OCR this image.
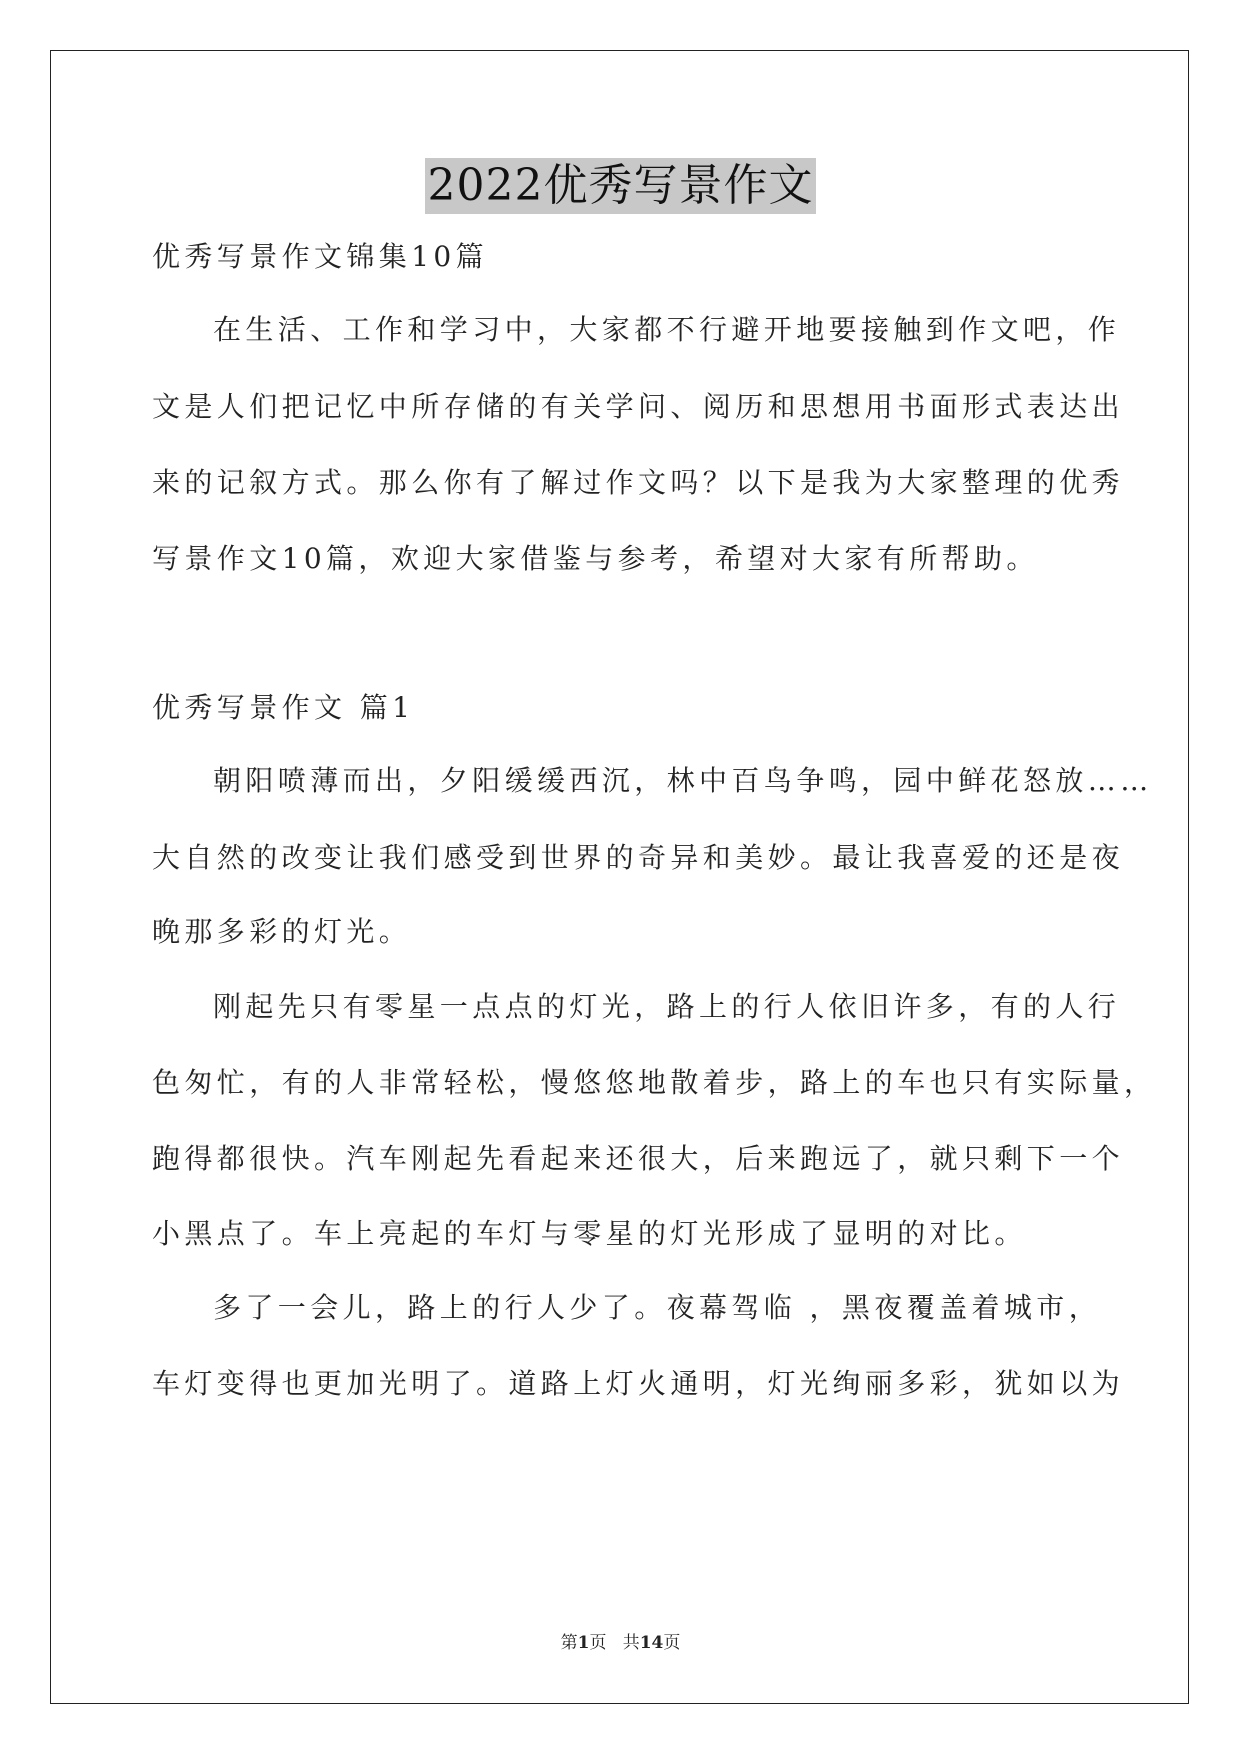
2022优秀写景作文
优秀写景作文锦集10篇
在生活、工作和学习中，大家都不行避开地要接触到作文吧，作
文是人们把记忆中所存储的有关学问、阅历和思想用书面形式表达出
来的记叙方式。那么你有了解过作文吗？以下是我为大家整理的优秀
写景作文10篇，欢迎大家借鉴与参考，希望对大家有所帮助。
优秀写景作文 篇1
朝阳喷薄而出，夕阳缓缓西沉，林中百鸟争鸣，园中鲜花怒放……
大自然的改变让我们感受到世界的奇异和美妙。最让我喜爱的还是夜
晚那多彩的灯光。
刚起先只有零星一点点的灯光，路上的行人依旧许多，有的人行
色匆忙，有的人非常轻松，慢悠悠地散着步，路上的车也只有实际量，
跑得都很快。汽车刚起先看起来还很大，后来跑远了，就只剩下一个
小黑点了。车上亮起的车灯与零星的灯光形成了显明的对比。
多了一会儿，路上的行人少了。夜幕驾临 ，黑夜覆盖着城市，
车灯变得也更加光明了。道路上灯火通明，灯光绚丽多彩，犹如以为
第1页 共14页
